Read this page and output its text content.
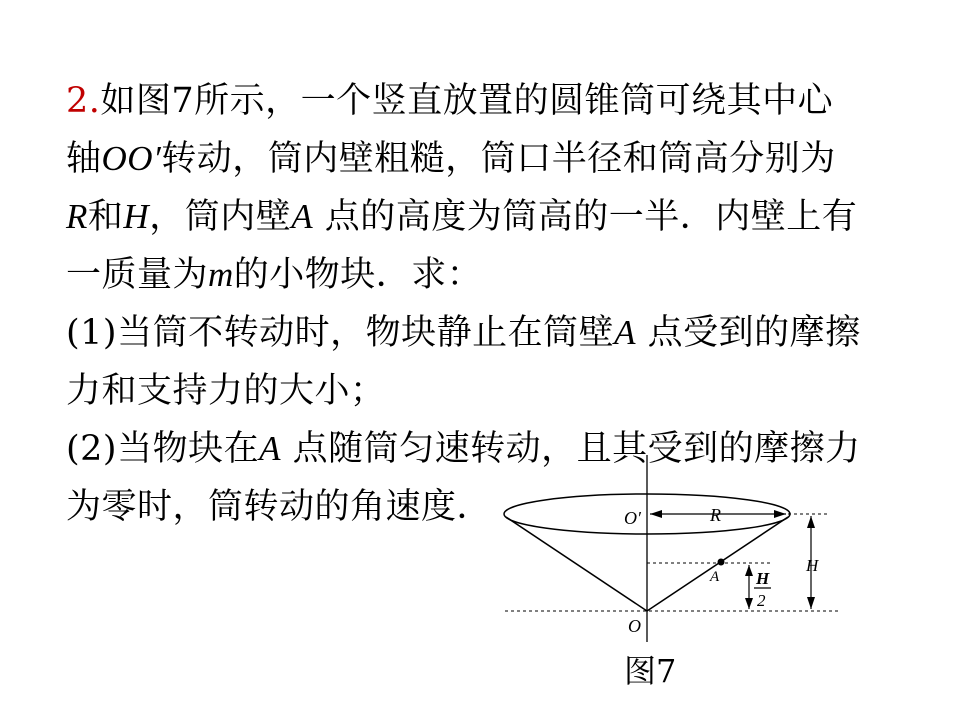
2.如图7所示，一个竖直放置的圆锥筒可绕其中心
轴OO′转动，筒内壁粗糙，筒口半径和筒高分别为
R和H，筒内壁A 点的高度为筒高的一半．内壁上有
一质量为m的小物块．求：
(1)当筒不转动时，物块静止在筒壁A 点受到的摩擦
力和支持力的大小；
(2)当物块在A 点随筒匀速转动，且其受到的摩擦力
为零时，筒转动的角速度．	O′	R
H
A H
2
O
图7
